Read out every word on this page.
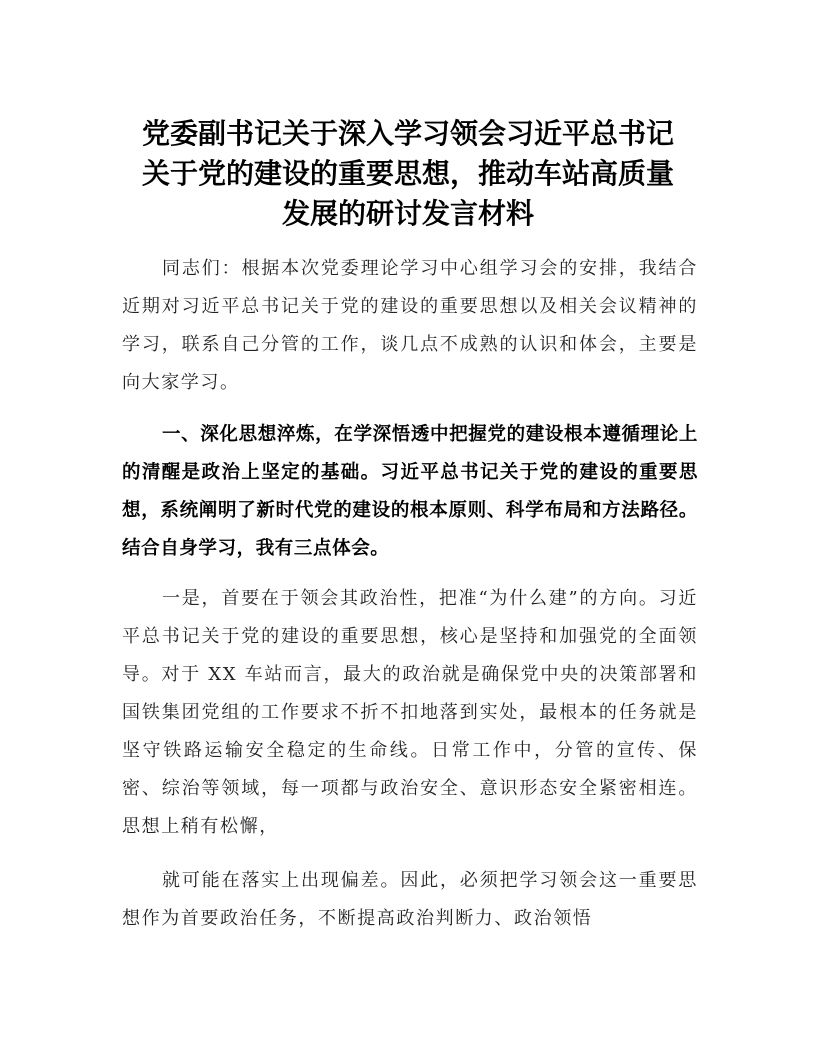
党委副书记关于深入学习领会习近平总书记
关于党的建设的重要思想，推动车站高质量
发展的研讨发言材料

同志们：根据本次党委理论学习中心组学习会的安排，我结合近期对习近平总书记关于党的建设的重要思想以及相关会议精神的学习，联系自己分管的工作，谈几点不成熟的认识和体会，主要是向大家学习。

一、深化思想淬炼，在学深悟透中把握党的建设根本遵循理论上的清醒是政治上坚定的基础。习近平总书记关于党的建设的重要思想，系统阐明了新时代党的建设的根本原则、科学布局和方法路径。结合自身学习，我有三点体会。

一是，首要在于领会其政治性，把准“为什么建”的方向。习近平总书记关于党的建设的重要思想，核心是坚持和加强党的全面领导。对于 XX 车站而言，最大的政治就是确保党中央的决策部署和国铁集团党组的工作要求不折不扣地落到实处，最根本的任务就是坚守铁路运输安全稳定的生命线。日常工作中，分管的宣传、保密、综治等领域，每一项都与政治安全、意识形态安全紧密相连。思想上稍有松懈，

就可能在落实上出现偏差。因此，必须把学习领会这一重要思想作为首要政治任务，不断提高政治判断力、政治领悟
